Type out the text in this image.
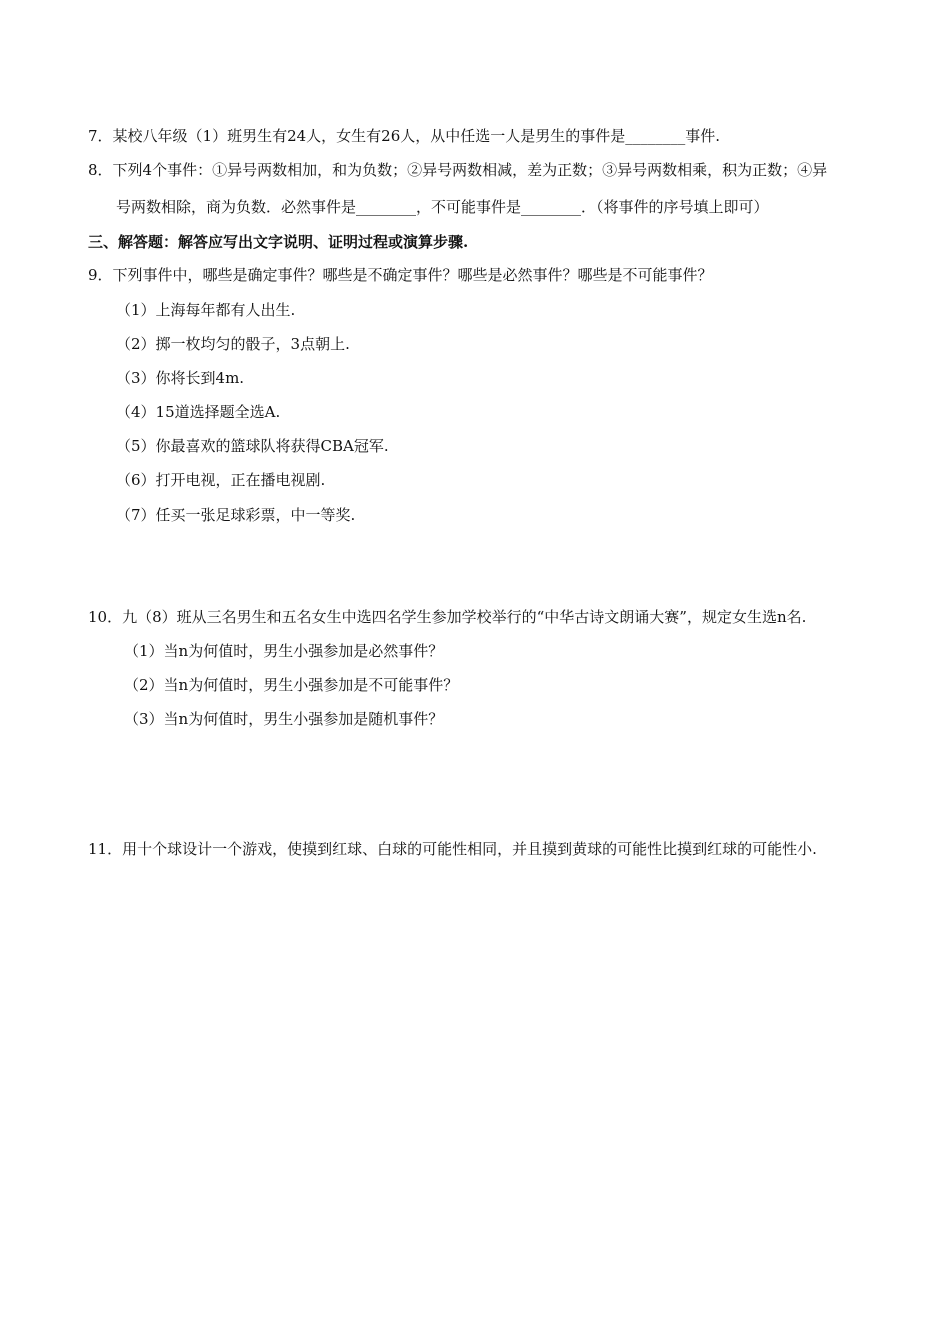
7．某校八年级（1）班男生有24人，女生有26人，从中任选一人是男生的事件是________事件.
8．下列4个事件：①异号两数相加，和为负数；②异号两数相减，差为正数；③异号两数相乘，积为正数；④异
号两数相除，商为负数．必然事件是________，不可能事件是________．（将事件的序号填上即可）
三、解答题：解答应写出文字说明、证明过程或演算步骤.
9．下列事件中，哪些是确定事件？哪些是不确定事件？哪些是必然事件？哪些是不可能事件？
（1）上海每年都有人出生.
（2）掷一枚均匀的骰子，3点朝上.
（3）你将长到4m.
（4）15道选择题全选A.
（5）你最喜欢的篮球队将获得CBA冠军.
（6）打开电视，正在播电视剧.
（7）任买一张足球彩票，中一等奖.
10．九（8）班从三名男生和五名女生中选四名学生参加学校举行的“中华古诗文朗诵大赛”，规定女生选n名.
（1）当n为何值时，男生小强参加是必然事件？
（2）当n为何值时，男生小强参加是不可能事件？
（3）当n为何值时，男生小强参加是随机事件？
11．用十个球设计一个游戏，使摸到红球、白球的可能性相同，并且摸到黄球的可能性比摸到红球的可能性小.
